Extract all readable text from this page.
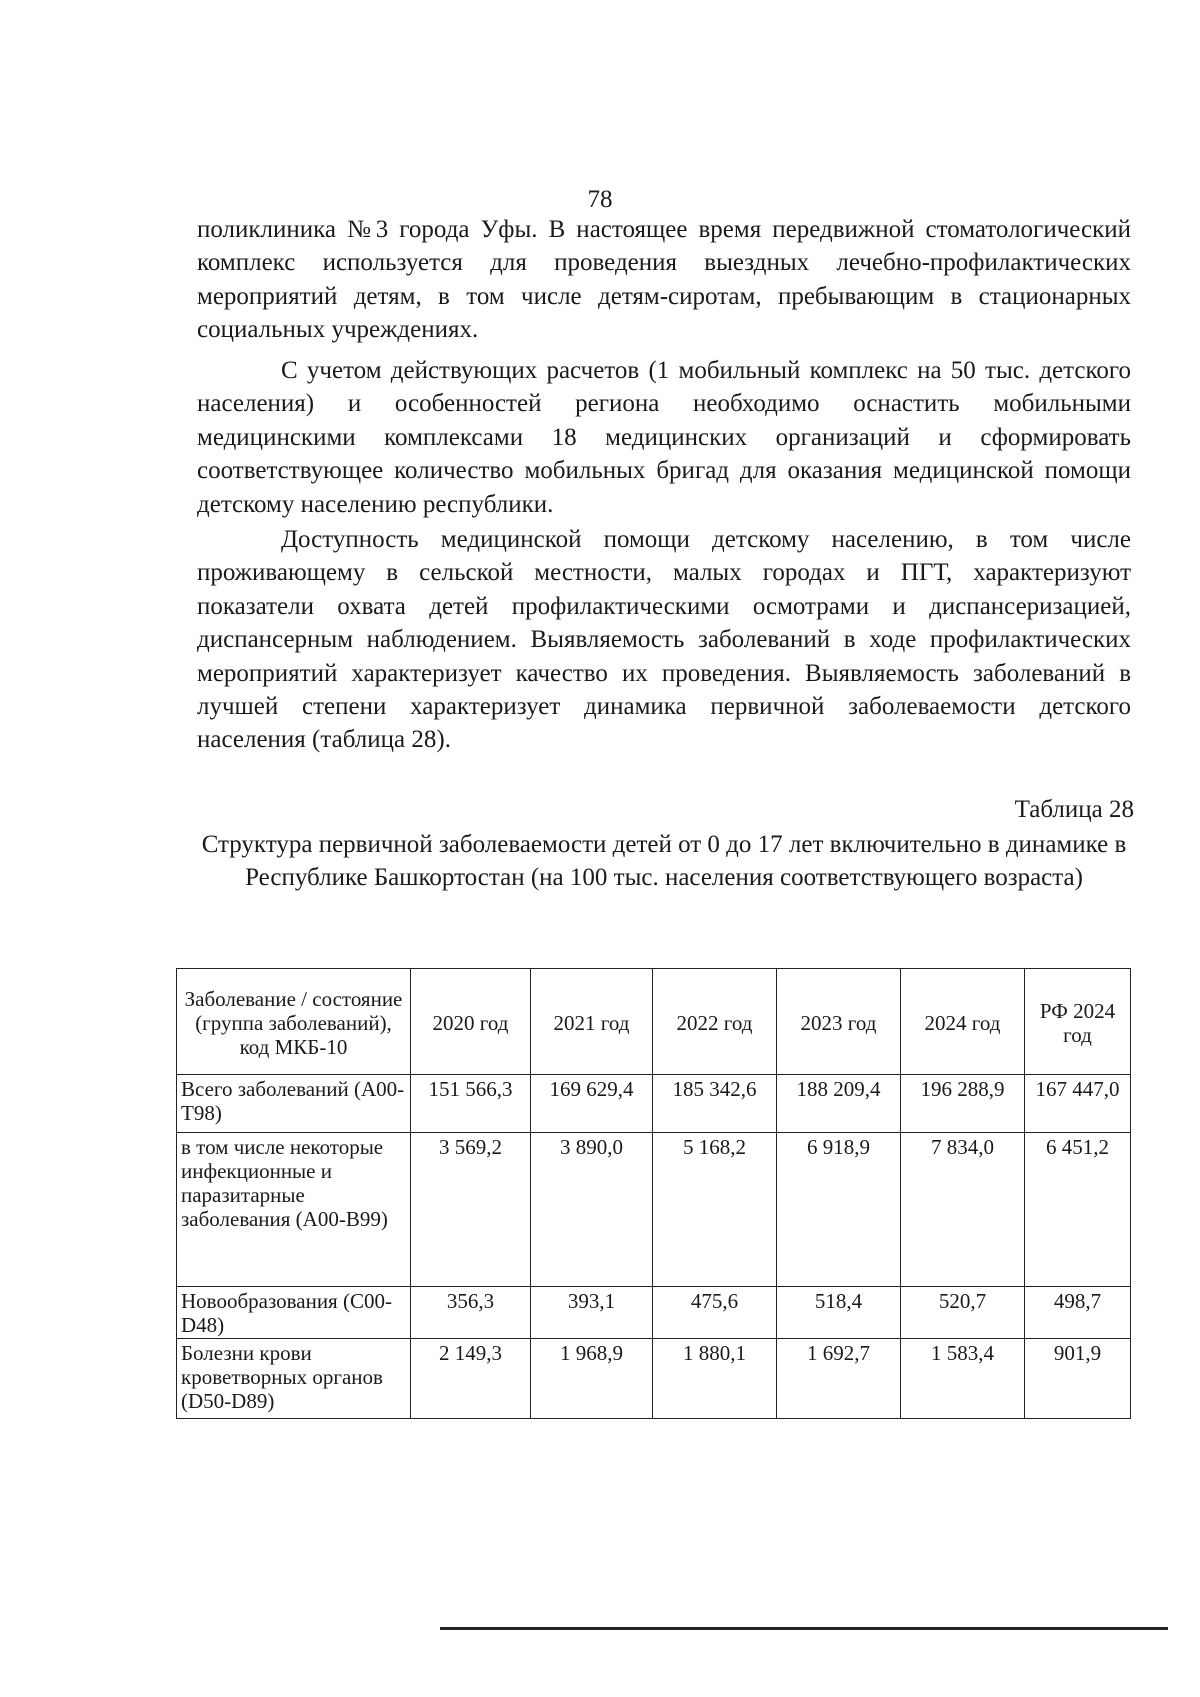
78

поликлиника №3 города Уфы. В настоящее время передвижной стоматологический комплекс используется для проведения выездных лечебно-профилактических мероприятий детям, в том числе детям-сиротам, пребывающим в стационарных социальных учреждениях.

С учетом действующих расчетов (1 мобильный комплекс на 50 тыс. детского населения) и особенностей региона необходимо оснастить мобильными медицинскими комплексами 18 медицинских организаций и сформировать соответствующее количество мобильных бригад для оказания медицинской помощи детскому населению республики.

Доступность медицинской помощи детскому населению, в том числе проживающему в сельской местности, малых городах и ПГТ, характеризуют показатели охвата детей профилактическими осмотрами и диспансеризацией, диспансерным наблюдением. Выявляемость заболеваний в ходе профилактических мероприятий характеризует качество их проведения. Выявляемость заболеваний в лучшей степени характеризует динамика первичной заболеваемости детского населения (таблица 28).

Таблица 28
Структура первичной заболеваемости детей от 0 до 17 лет включительно в динамике в Республике Башкортостан (на 100 тыс. населения соответствующего возраста)
Заболевание / состояние (группа заболеваний), код МКБ-10	2020 год	2021 год	2022 год	2023 год	2024 год	РФ 2024 год
Всего заболеваний (А00-Т98)	151 566,3	169 629,4	185 342,6	188 209,4	196 288,9	167 447,0
в том числе некоторые инфекционные и паразитарные заболевания (А00-В99)	3 569,2	3 890,0	5 168,2	6 918,9	7 834,0	6 451,2
Новообразования (С00-D48)	356,3	393,1	475,6	518,4	520,7	498,7
Болезни крови кроветворных органов (D50-D89)	2 149,3	1 968,9	1 880,1	1 692,7	1 583,4	901,9
